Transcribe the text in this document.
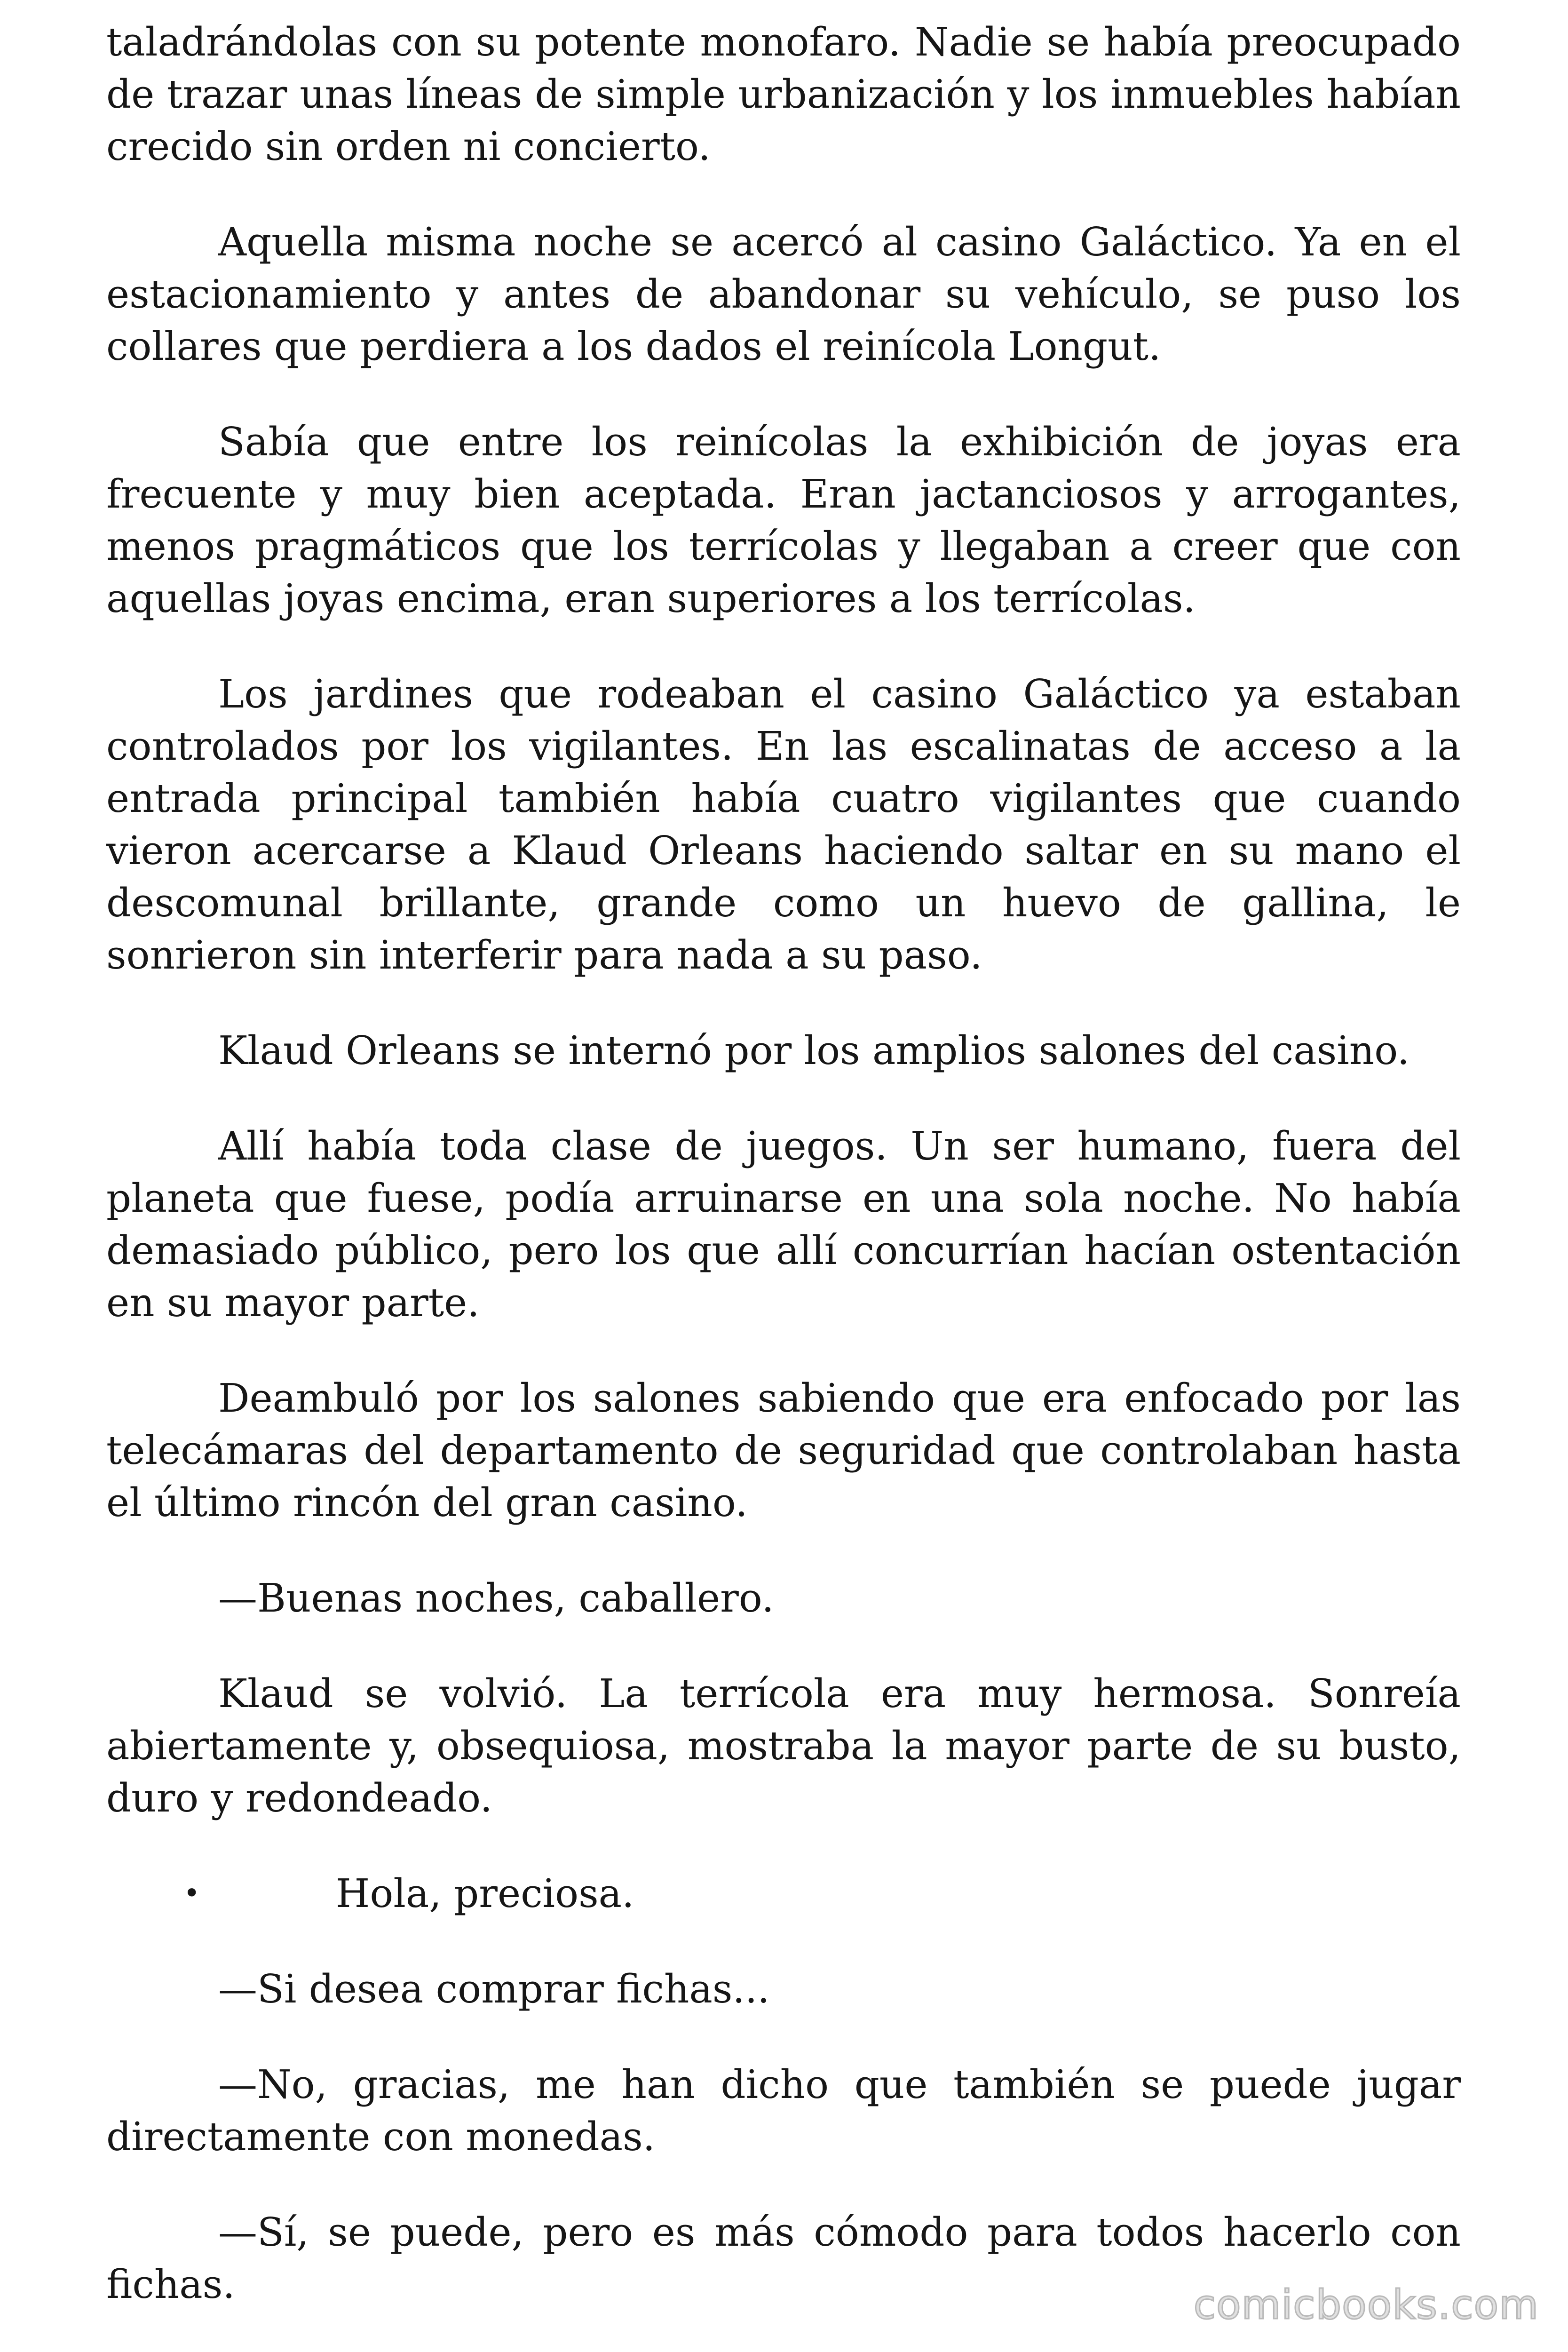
taladrándolas con su potente monofaro. Nadie se había preocupado de trazar unas líneas de simple urbanización y los inmuebles habían crecido sin orden ni concierto.

Aquella misma noche se acercó al casino Galáctico. Ya en el estacionamiento y antes de abandonar su vehículo, se puso los collares que perdiera a los dados el reinícola Longut.

Sabía que entre los reinícolas la exhibición de joyas era frecuente y muy bien aceptada. Eran jactanciosos y arrogantes, menos pragmáticos que los terrícolas y llegaban a creer que con aquellas joyas encima, eran superiores a los terrícolas.

Los jardines que rodeaban el casino Galáctico ya estaban controlados por los vigilantes. En las escalinatas de acceso a la entrada principal también había cuatro vigilantes que cuando vieron acercarse a Klaud Orleans haciendo saltar en su mano el descomunal brillante, grande como un huevo de gallina, le sonrieron sin interferir para nada a su paso.

Klaud Orleans se internó por los amplios salones del casino.

Allí había toda clase de juegos. Un ser humano, fuera del planeta que fuese, podía arruinarse en una sola noche. No había demasiado público, pero los que allí concurrían hacían ostentación en su mayor parte.

Deambuló por los salones sabiendo que era enfocado por las telecámaras del departamento de seguridad que controlaban hasta el último rincón del gran casino.

—Buenas noches, caballero.

Klaud se volvió. La terrícola era muy hermosa. Sonreía abiertamente y, obsequiosa, mostraba la mayor parte de su busto, duro y redondeado.

•	Hola, preciosa.

—Si desea comprar fichas...

—No, gracias, me han dicho que también se puede jugar directamente con monedas.

—Sí, se puede, pero es más cómodo para todos hacerlo con fichas.	comicbooks.com
